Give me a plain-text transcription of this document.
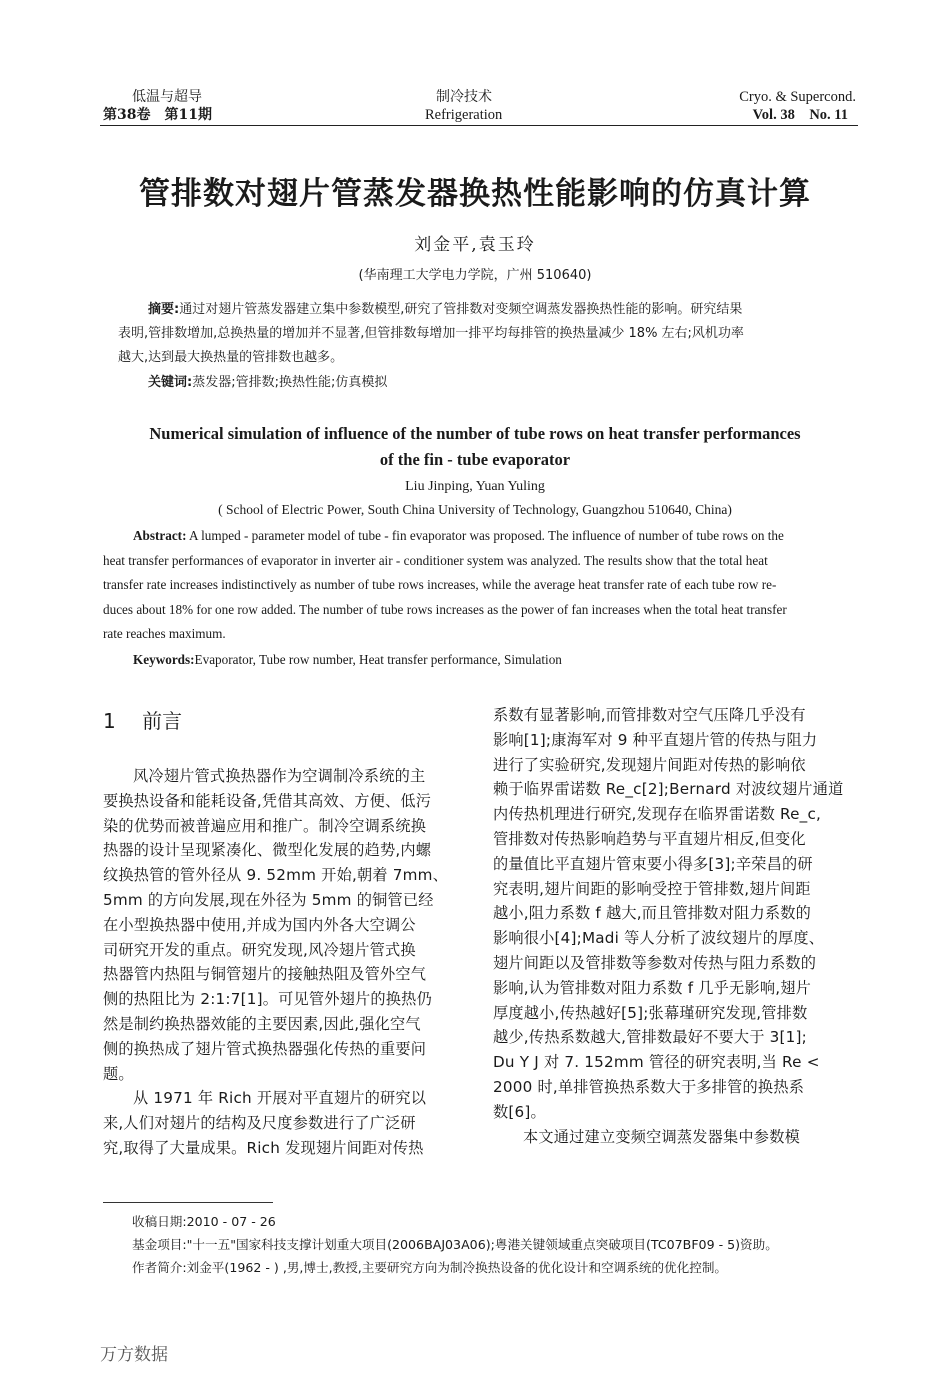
低温与超导
第38卷　第11期
制冷技术
Refrigeration
Cryo. & Supercond.
Vol. 38　No. 11
管排数对翅片管蒸发器换热性能影响的仿真计算
刘金平,袁玉玲
(华南理工大学电力学院，广州 510640)
摘要:通过对翅片管蒸发器建立集中参数模型,研究了管排数对变频空调蒸发器换热性能的影响。研究结果
表明,管排数增加,总换热量的增加并不显著,但管排数每增加一排平均每排管的换热量减少 18% 左右;风机功率
越大,达到最大换热量的管排数也越多。
关键词:蒸发器;管排数;换热性能;仿真模拟
Numerical simulation of influence of the number of tube rows on heat transfer performances
of the fin - tube evaporator
Liu Jinping, Yuan Yuling
( School of Electric Power, South China University of Technology, Guangzhou 510640, China)
Abstract: A lumped - parameter model of tube - fin evaporator was proposed. The influence of number of tube rows on the
heat transfer performances of evaporator in inverter air - conditioner system was analyzed. The results show that the total heat
transfer rate increases indistinctively as number of tube rows increases, while the average heat transfer rate of each tube row re-
duces about 18% for one row added. The number of tube rows increases as the power of fan increases when the total heat transfer
rate reaches maximum.
Keywords:Evaporator, Tube row number, Heat transfer performance, Simulation
1 前言
风冷翅片管式换热器作为空调制冷系统的主
要换热设备和能耗设备,凭借其高效、方便、低污
染的优势而被普遍应用和推广。制冷空调系统换
热器的设计呈现紧凑化、微型化发展的趋势,内螺
纹换热管的管外径从 9. 52mm 开始,朝着 7mm、
5mm 的方向发展,现在外径为 5mm 的铜管已经
在小型换热器中使用,并成为国内外各大空调公
司研究开发的重点。研究发现,风冷翅片管式换
热器管内热阻与铜管翅片的接触热阻及管外空气
侧的热阻比为 2:1:7[1]。可见管外翅片的换热仍
然是制约换热器效能的主要因素,因此,强化空气
侧的换热成了翅片管式换热器强化传热的重要问
题。
从 1971 年 Rich 开展对平直翅片的研究以
来,人们对翅片的结构及尺度参数进行了广泛研
究,取得了大量成果。Rich 发现翅片间距对传热
系数有显著影响,而管排数对空气压降几乎没有
影响[1];康海军对 9 种平直翅片管的传热与阻力
进行了实验研究,发现翅片间距对传热的影响依
赖于临界雷诺数 Re_c[2];Bernard 对波纹翅片通道
内传热机理进行研究,发现存在临界雷诺数 Re_c,
管排数对传热影响趋势与平直翅片相反,但变化
的量值比平直翅片管束要小得多[3];辛荣昌的研
究表明,翅片间距的影响受控于管排数,翅片间距
越小,阻力系数 f 越大,而且管排数对阻力系数的
影响很小[4];Madi 等人分析了波纹翅片的厚度、
翅片间距以及管排数等参数对传热与阻力系数的
影响,认为管排数对阻力系数 f 几乎无影响,翅片
厚度越小,传热越好[5];张幕瑾研究发现,管排数
越少,传热系数越大,管排数最好不要大于 3[1];
Du Y J 对 7. 152mm 管径的研究表明,当 Re <
2000 时,单排管换热系数大于多排管的换热系
数[6]。
本文通过建立变频空调蒸发器集中参数模
收稿日期:2010 - 07 - 26
基金项目:"十一五"国家科技支撑计划重大项目(2006BAJ03A06);粤港关键领域重点突破项目(TC07BF09 - 5)资助。
作者简介:刘金平(1962 - ) ,男,博士,教授,主要研究方向为制冷换热设备的优化设计和空调系统的优化控制。
万方数据
